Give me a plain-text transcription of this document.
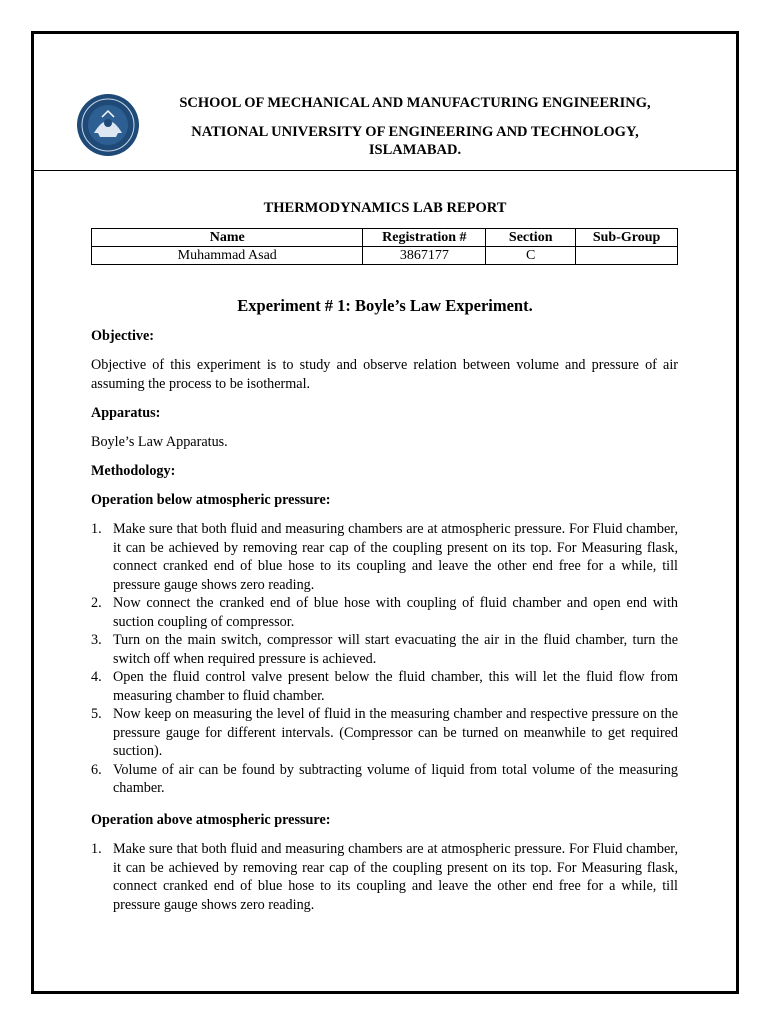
SCHOOL OF MECHANICAL AND MANUFACTURING ENGINEERING,
NATIONAL UNIVERSITY OF ENGINEERING AND TECHNOLOGY,
ISLAMABAD.
THERMODYNAMICS LAB REPORT
Name	Registration #	Section	Sub-Group
Muhammad Asad	3867177	C	
Experiment # 1: Boyle’s Law Experiment.
Objective:
Objective of this experiment is to study and observe relation between volume and pressure of air assuming the process to be isothermal.
Apparatus:
Boyle’s Law Apparatus.
Methodology:
Operation below atmospheric pressure:
1. Make sure that both fluid and measuring chambers are at atmospheric pressure. For Fluid chamber, it can be achieved by removing rear cap of the coupling present on its top. For Measuring flask, connect cranked end of blue hose to its coupling and leave the other end free for a while, till pressure gauge shows zero reading.
2. Now connect the cranked end of blue hose with coupling of fluid chamber and open end with suction coupling of compressor.
3. Turn on the main switch, compressor will start evacuating the air in the fluid chamber, turn the switch off when required pressure is achieved.
4. Open the fluid control valve present below the fluid chamber, this will let the fluid flow from measuring chamber to fluid chamber.
5. Now keep on measuring the level of fluid in the measuring chamber and respective pressure on the pressure gauge for different intervals. (Compressor can be turned on meanwhile to get required suction).
6. Volume of air can be found by subtracting volume of liquid from total volume of the measuring chamber.
Operation above atmospheric pressure:
1. Make sure that both fluid and measuring chambers are at atmospheric pressure. For Fluid chamber, it can be achieved by removing rear cap of the coupling present on its top. For Measuring flask, connect cranked end of blue hose to its coupling and leave the other end free for a while, till pressure gauge shows zero reading.
